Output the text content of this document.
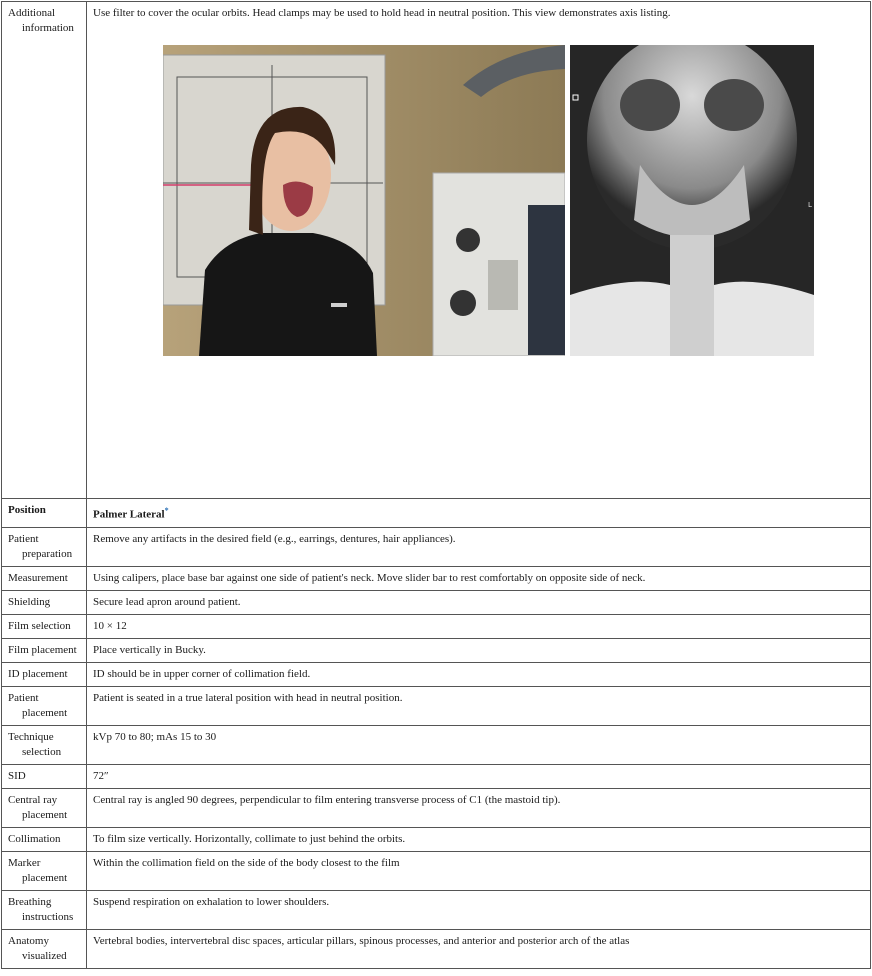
Additional information	Use filter to cover the ocular orbits. Head clamps may be used to hold head in neutral position. This view demonstrates axis listing.
L

Position	Palmer Lateral*

Patient preparation	Remove any artifacts in the desired field (e.g., earrings, dentures, hair appliances).

Measurement	Using calipers, place base bar against one side of patient's neck. Move slider bar to rest comfortably on opposite side of neck.

Shielding	Secure lead apron around patient.

Film selection	10 × 12

Film placement	Place vertically in Bucky.

ID placement	ID should be in upper corner of collimation field.

Patient placement	Patient is seated in a true lateral position with head in neutral position.

Technique selection	kVp 70 to 80; mAs 15 to 30

SID	72″

Central ray placement	Central ray is angled 90 degrees, perpendicular to film entering transverse process of C1 (the mastoid tip).

Collimation	To film size vertically. Horizontally, collimate to just behind the orbits.

Marker placement	Within the collimation field on the side of the body closest to the film

Breathing instructions	Suspend respiration on exhalation to lower shoulders.

Anatomy visualized	Vertebral bodies, intervertebral disc spaces, articular pillars, spinous processes, and anterior and posterior arch of the atlas
